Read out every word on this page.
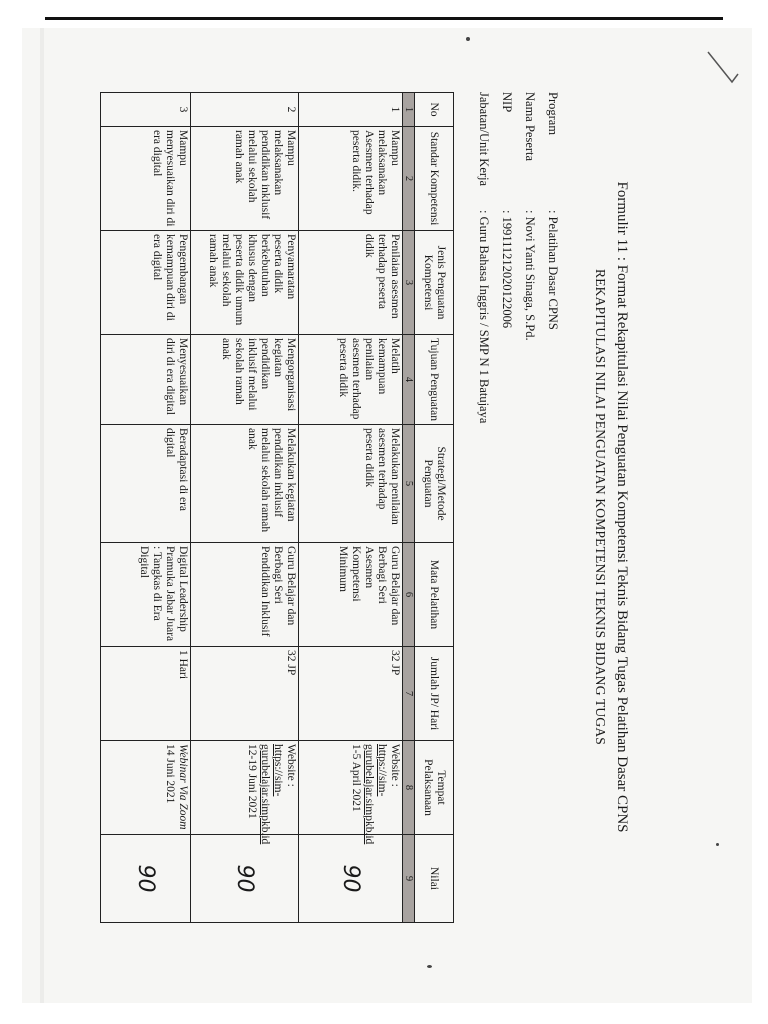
Formulir 11 : Format Rekapitulasi Nilai Penguatan Kompetensi Teknis Bidang Tugas Pelatihan Dasar CPNS
REKAPITULASI NILAI PENGUATAN KOMPETENSI TEKNIS BIDANG TUGAS
Program
: Pelatihan Dasar CPNS
Nama Peserta
: Novi Yanti Sinaga, S.Pd.
NIP
: 199111212020122006
Jabatan/Unit Kerja
: Guru Bahasa Inggris / SMP N 1 Batujaya
No	Standar Kompetensi	Jenis Penguatan Kompetensi	Tujuan Penguatan	Strategi/Metode Penguatan	Mata Pelatihan	Jumlah JP/ Hari	Tempat Pelaksanaan	Nilai
1	2	3	4	5	6	7	8	9
1	Mampu melaksanakan Asesmen terhadap peserta didik.	Penilaian asesmen terhadap peserta didik	Melatih kemampuan penilaian asesmen terhadap peserta didik	Melakukan penilaian asesmen terhadap peserta didik	Guru Belajar dan Berbagi Seri Asesmen Kompetensi Minimum	32 JP	Website :
https://sim-gurubelajar.simpkb.id
1-5 April 2021	90
2	Mampu melaksanakan pendidikan inklusif melalui sekolah ramah anak	Penyamaratan peserta didik berkebutuhan khusus dengan peserta didik umum melalui sekolah ramah anak	Mengorganisasi kegiatan pendidikan inklusif melalui sekolah ramah anak	Melakukan kegiatan pendidikan inklusif melalui sekolah ramah anak	Guru Belajar dan Berbagi Seri Pendidikan Inklusif	32 JP	Website :
https://sim-gurubelajar.simpkb.id
12-19 Juni 2021	90
3	Mampu menyesuaikan diri di era digital	Pengembangan kemampuan diri di era digital	Menyesuaikan diri di era digital	Beradaptasi di era digital	Digital Leadership Pramuka Jabar Juara : Tangkas di Era Digital	1 Hari	Webinar Via Zoom
14 Juni 2021	90
